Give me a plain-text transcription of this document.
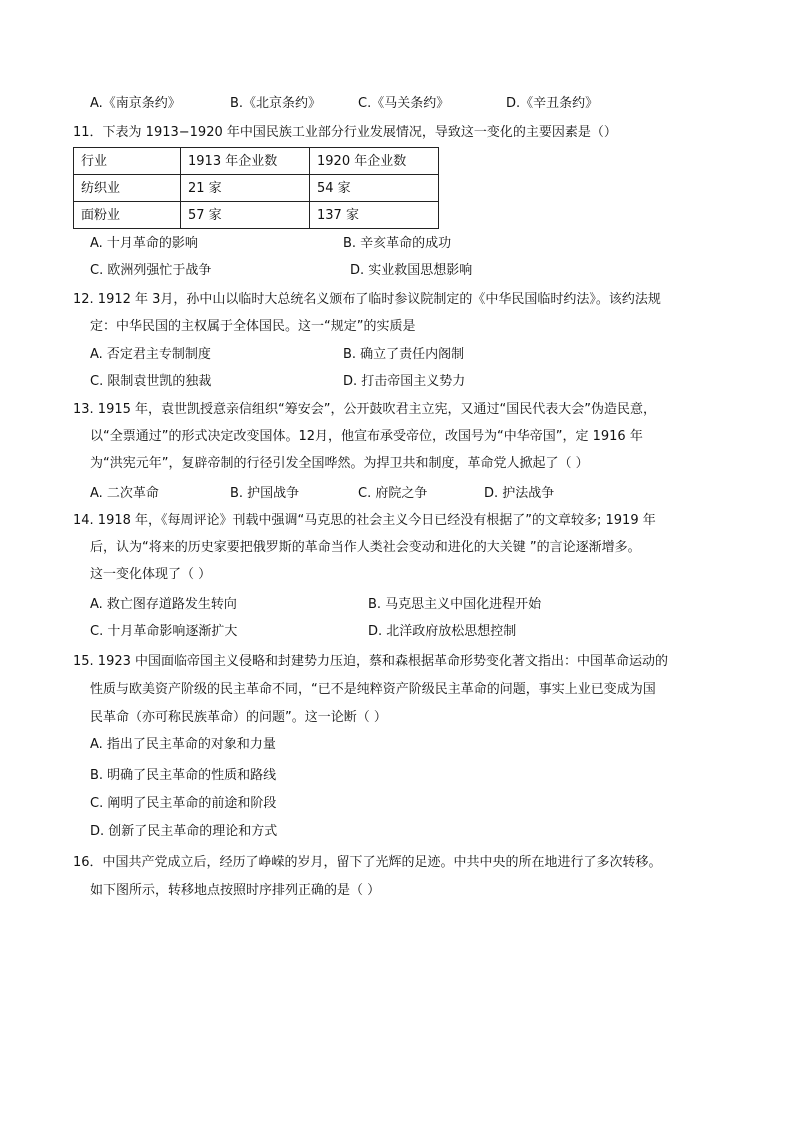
A.《南京条约》	B.《北京条约》	C.《马关条约》	D.《辛丑条约》
11．下表为 1913−1920 年中国民族工业部分行业发展情况，导致这一变化的主要因素是（）
行业	1913 年企业数	1920 年企业数
纺织业	21 家	54 家
面粉业	57 家	137 家
A. 十月革命的影响	B. 辛亥革命的成功
C. 欧洲列强忙于战争	D. 实业救国思想影响
12. 1912 年 3月，孙中山以临时大总统名义颁布了临时参议院制定的《中华民国临时约法》。该约法规
定：中华民国的主权属于全体国民。这一“规定”的实质是
A. 否定君主专制制度	B. 确立了责任内阁制
C. 限制袁世凯的独裁	D. 打击帝国主义势力
13. 1915 年，袁世凯授意亲信组织“筹安会”，公开鼓吹君主立宪，又通过“国民代表大会”伪造民意，
以“全票通过”的形式决定改变国体。12月，他宣布承受帝位，改国号为“中华帝国”，定 1916 年
为“洪宪元年”，复辟帝制的行径引发全国哗然。为捍卫共和制度，革命党人掀起了（ ）
A. 二次革命	B. 护国战争	C. 府院之争	D. 护法战争
14. 1918 年，《每周评论》刊载中强调“马克思的社会主义今日已经没有根据了”的文章较多; 1919 年
后，认为“将来的历史家要把俄罗斯的革命当作人类社会变动和进化的大关键 ”的言论逐渐增多。
这一变化体现了（ ）
A. 救亡图存道路发生转向	B. 马克思主义中国化进程开始
C. 十月革命影响逐渐扩大	D. 北洋政府放松思想控制
15. 1923 中国面临帝国主义侵略和封建势力压迫，蔡和森根据革命形势变化著文指出：中国革命运动的
性质与欧美资产阶级的民主革命不同，“已不是纯粹资产阶级民主革命的问题，事实上业已变成为国
民革命（亦可称民族革命）的问题”。这一论断（ ）
A. 指出了民主革命的对象和力量
B. 明确了民主革命的性质和路线
C. 阐明了民主革命的前途和阶段
D. 创新了民主革命的理论和方式
16．中国共产党成立后，经历了峥嵘的岁月，留下了光辉的足迹。中共中央的所在地进行了多次转移。
如下图所示，转移地点按照时序排列正确的是（ ）
